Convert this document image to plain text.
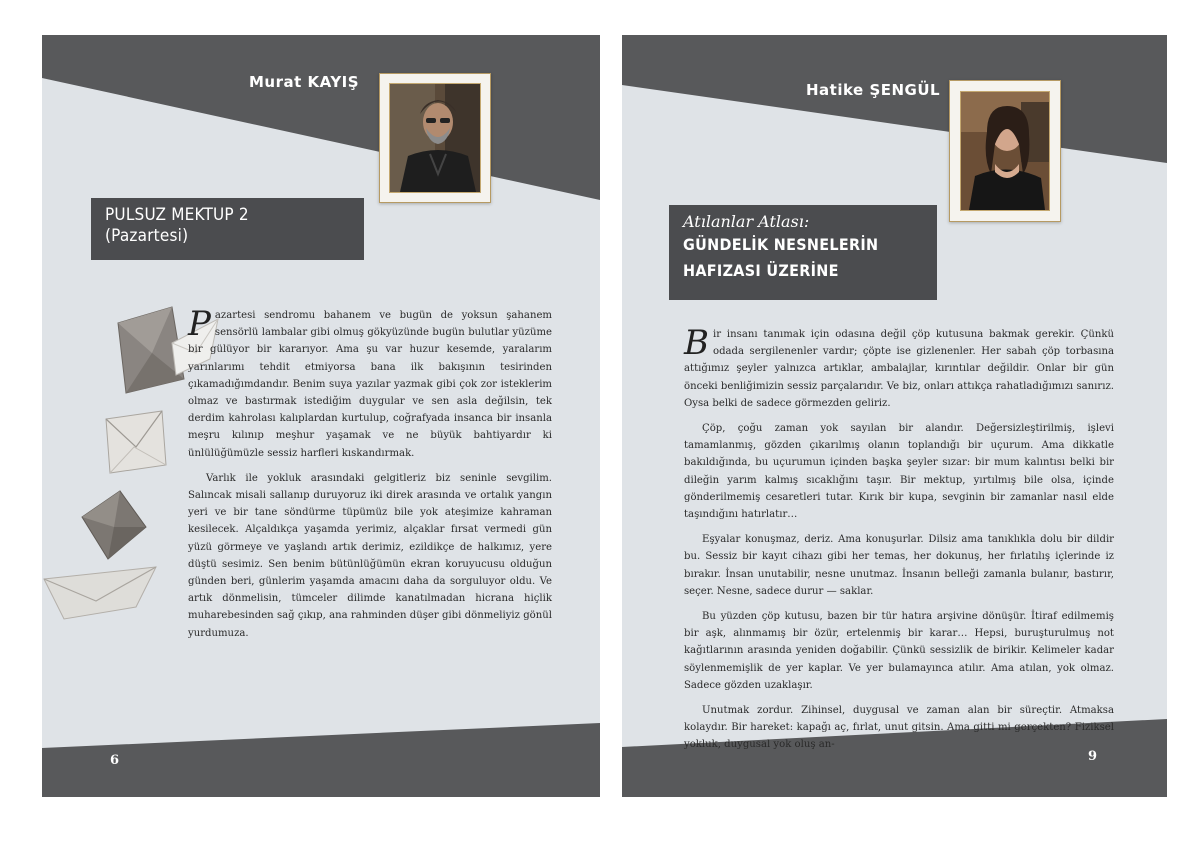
Murat KAYIŞ
PULSUZ MEKTUP 2
(Pazartesi)

Pazartesi sendromu bahanem ve bugün de yoksun şahanem sensörlü lambalar gibi olmuş gökyüzünde bugün bulutlar yüzüme bir gülüyor bir kararıyor. Ama şu var huzur kesemde, yaralarım yarınlarımı tehdit etmiyorsa bana ilk bakışının tesirinden çıkamadığımdandır. Benim suya yazılar yazmak gibi çok zor isteklerim olmaz ve bastırmak istediğim duygular ve sen asla değilsin, tek derdim kahrolası kalıplardan kurtulup, coğrafyada insanca bir insanla meşru kılınıp meşhur yaşamak ve ne büyük bahtiyardır ki ünlülüğümüzle sessiz harfleri kıskandırmak.

Varlık ile yokluk arasındaki gelgitleriz biz seninle sevgilim. Salıncak misali sallanıp duruyoruz iki direk arasında ve ortalık yangın yeri ve bir tane söndürme tüpümüz bile yok ateşimize kahraman kesilecek. Alçaldıkça yaşamda yerimiz, alçaklar fırsat vermedi gün yüzü görmeye ve yaşlandı artık derimiz, ezildikçe de halkımız, yere düştü sesimiz. Sen benim bütünlüğümün ekran koruyucusu olduğun günden beri, günlerim yaşamda amacını daha da sorguluyor oldu. Ve artık dönmelisin, tümceler dilimde kanatılmadan hicrana hiçlik muharebesinden sağ çıkıp, ana rahminden düşer gibi dönmeliyiz gönül yurdumuza.

6
Hatike ŞENGÜL
Atılanlar Atlası:
GÜNDELİK NESNELERİN
HAFIZASI ÜZERİNE

Bir insanı tanımak için odasına değil çöp kutusuna bakmak gerekir. Çünkü odada sergilenenler vardır; çöpte ise gizlenenler. Her sabah çöp torbasına attığımız şeyler yalnızca artıklar, ambalajlar, kırıntılar değildir. Onlar bir gün önceki benliğimizin sessiz parçalarıdır. Ve biz, onları attıkça rahatladığımızı sanırız. Oysa belki de sadece görmezden geliriz.

Çöp, çoğu zaman yok sayılan bir alandır. Değersizleştirilmiş, işlevi tamamlanmış, gözden çıkarılmış olanın toplandığı bir uçurum. Ama dikkatle bakıldığında, bu uçurumun içinden başka şeyler sızar: bir mum kalıntısı belki bir dileğin yarım kalmış sıcaklığını taşır. Bir mektup, yırtılmış bile olsa, içinde gönderilmemiş cesaretleri tutar. Kırık bir kupa, sevginin bir zamanlar nasıl elde taşındığını hatırlatır…

Eşyalar konuşmaz, deriz. Ama konuşurlar. Dilsiz ama tanıklıkla dolu bir dildir bu. Sessiz bir kayıt cihazı gibi her temas, her dokunuş, her fırlatılış içlerinde iz bırakır. İnsan unutabilir, nesne unutmaz. İnsanın belleği zamanla bulanır, bastırır, seçer. Nesne, sadece durur — saklar.

Bu yüzden çöp kutusu, bazen bir tür hatıra arşivine dönüşür. İtiraf edilmemiş bir aşk, alınmamış bir özür, ertelenmiş bir karar… Hepsi, buruşturulmuş not kağıtlarının arasında yeniden doğabilir. Çünkü sessizlik de birikir. Kelimeler kadar söylenmemişlik de yer kaplar. Ve yer bulamayınca atılır. Ama atılan, yok olmaz. Sadece gözden uzaklaşır.

Unutmak zordur. Zihinsel, duygusal ve zaman alan bir süreçtir. Atmaksa kolaydır. Bir hareket: kapağı aç, fırlat, unut gitsin. Ama gitti mi gerçekten? Fiziksel yokluk, duygusal yok oluş an-

9
